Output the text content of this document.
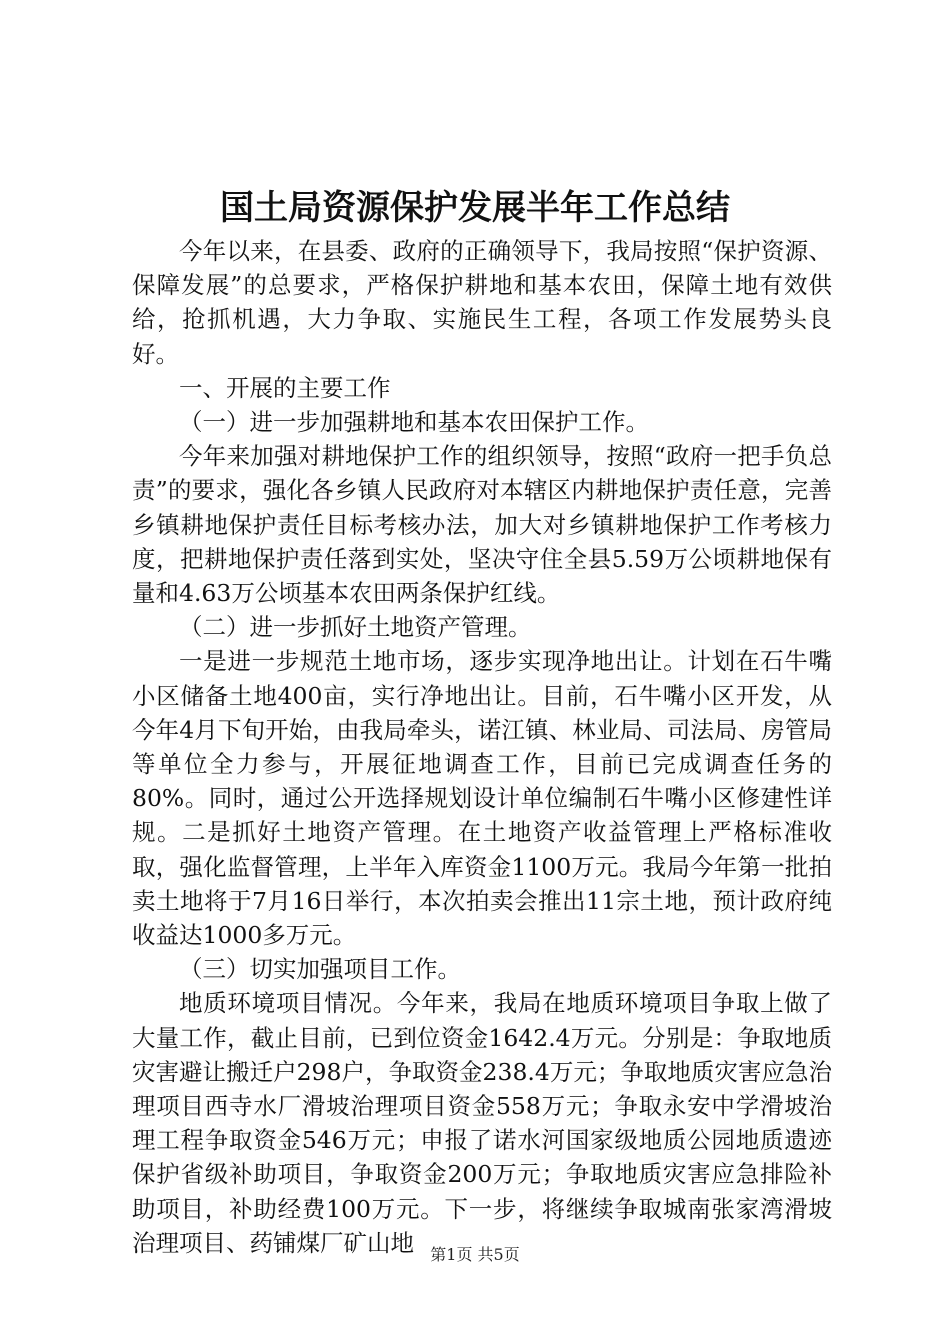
国土局资源保护发展半年工作总结

今年以来，在县委、政府的正确领导下，我局按照“保护资源、保障发展”的总要求，严格保护耕地和基本农田，保障土地有效供给，抢抓机遇，大力争取、实施民生工程，各项工作发展势头良好。

一、开展的主要工作

（一）进一步加强耕地和基本农田保护工作。

今年来加强对耕地保护工作的组织领导，按照“政府一把手负总责”的要求，强化各乡镇人民政府对本辖区内耕地保护责任意，完善乡镇耕地保护责任目标考核办法，加大对乡镇耕地保护工作考核力度，把耕地保护责任落到实处，坚决守住全县5.59万公顷耕地保有量和4.63万公顷基本农田两条保护红线。

（二）进一步抓好土地资产管理。

一是进一步规范土地市场，逐步实现净地出让。计划在石牛嘴小区储备土地400亩，实行净地出让。目前，石牛嘴小区开发，从今年4月下旬开始，由我局牵头，诺江镇、林业局、司法局、房管局等单位全力参与，开展征地调查工作，目前已完成调查任务的80%。同时，通过公开选择规划设计单位编制石牛嘴小区修建性详规。二是抓好土地资产管理。在土地资产收益管理上严格标准收取，强化监督管理，上半年入库资金1100万元。我局今年第一批拍卖土地将于7月16日举行，本次拍卖会推出11宗土地，预计政府纯收益达1000多万元。

（三）切实加强项目工作。

地质环境项目情况。今年来，我局在地质环境项目争取上做了大量工作，截止目前，已到位资金1642.4万元。分别是：争取地质灾害避让搬迁户298户，争取资金238.4万元；争取地质灾害应急治理项目西寺水厂滑坡治理项目资金558万元；争取永安中学滑坡治理工程争取资金546万元；申报了诺水河国家级地质公园地质遗迹保护省级补助项目，争取资金200万元；争取地质灾害应急排险补助项目，补助经费100万元。下一步，将继续争取城南张家湾滑坡治理项目、药铺煤厂矿山地	第1页 共5页
